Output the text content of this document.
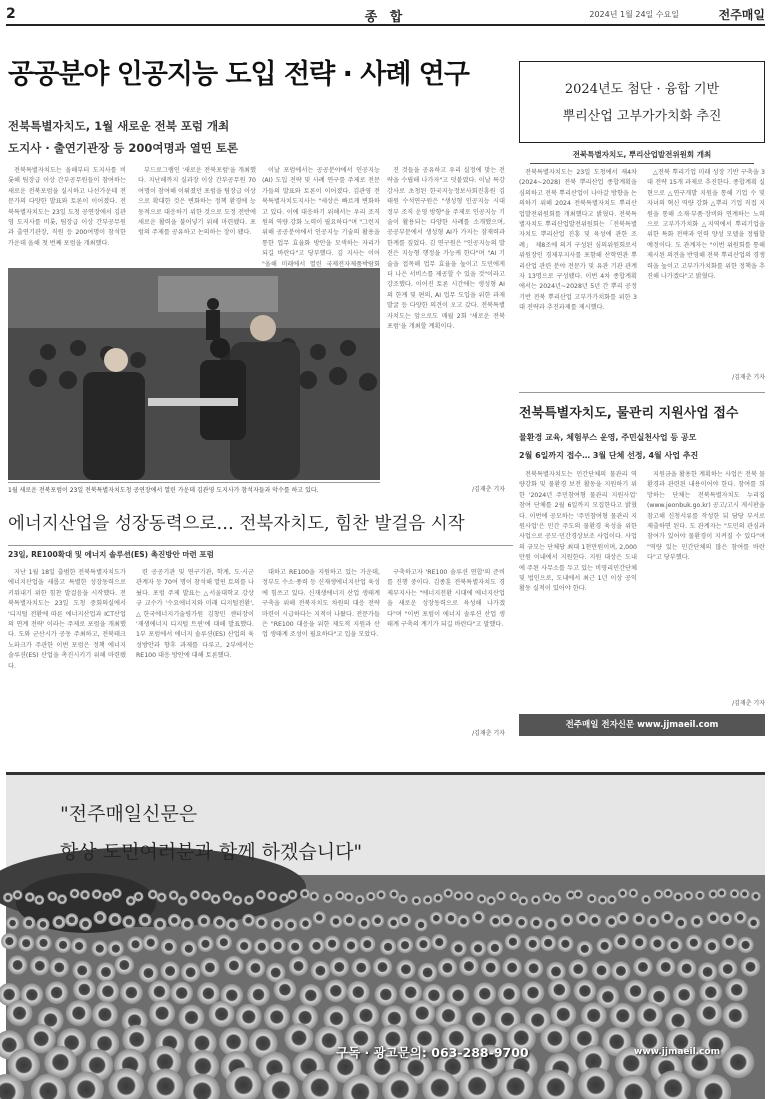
2	종 합	2024년 1월 24일 수요일	전주매일
공공분야 인공지능 도입 전략 · 사례 연구
전북특별자치도, 1월 새로운 전북 포럼 개최
도지사 · 출연기관장 등 200여명과 열띤 토론

전북특별자치도는 올해부터 도지사를 비롯해 팀장급 이상 간부공무원들이 참여하는 새로운 전북포럼을 실시하고 나선가운데 전문가의 다양한 발표와 토론이 이어졌다. 전북특별자치도는 23일 도청 공연장에서 김관영 도지사를 비롯, 팀장급 이상 간부공무원과 출연기관장, 직원 등 200여명이 참석한 가운데 올해 첫 번째 포럼을 개최했다.

부드로그램인 '새로운 전북포럼'을 개최했다. 지난해까지 실과장 이상 간부공무원 70여명이 참여해 이뤄졌던 포럼을 팀장급 이상으로 확대한 것은 변화하는 정책 환경에 능동적으로 대응하기 위한 것으로 도정 전반에 새로운 활력을 불어넣기 위해 마련됐다. 포럼의 주제를 공유하고 논의하는 장이 됐다.

이날 포럼에서는 공공분야에서 인공지능(AI) 도입 전략 및 사례 연구를 주제로 전문가들의 발표와 토론이 이어졌다. 김관영 전북특별자치도지사는 "세상은 빠르게 변화하고 있다. 이에 대응하기 위해서는 우리 조직원의 역량 강화 노력이 필요하다"며 "그런지 위해 공공분야에서 인공지능 기술의 활용을 통한 업무 효율화 방안을 모색하는 자리가 되길 바란다"고 당부했다. 김 지사는 이어 "올해 미래에서 열린 국제전자제품박람회

진 것들을 공유하고 우리 실정에 맞는 전략을 수립해 나가자"고 덧붙였다. 이날 특강 강사로 초청된 한국지능정보사회진흥원 김태원 수석연구원은 "생성형 인공지능 시대 정부 조직 운영 방향"을 주제로 인공지능 기술이 활용되는 다양한 사례를 소개했으며, 공공부문에서 생성형 AI가 가지는 잠재력과 한계를 짚었다. 김 연구원은 "인공지능의 발전은 지능형 행정을 가능케 한다"며 "AI 기술을 접목해 업무 효율을 높이고 도민에게 더 나은 서비스를 제공할 수 있을 것"이라고 강조했다. 이어진 토론 시간에는 생성형 AI의 한계 및 편의, AI 업무 도입을 위한 과제 발굴 등 다양한 의견이 오고 갔다. 전북특별자치도는 앞으로도 매월 2회 '새로운 전북 포럼'을 개최할 계획이다.

/김재춘 기자
1월 새로운 전북포럼이 23일 전북특별자치도청 공연장에서 열린 가운데 김관영 도지사가 참석자들과 악수를 하고 있다.
2024년도 첨단 · 융합 기반
뿌리산업 고부가가치화 추진
전북특별자치도, 뿌리산업발전위원회 개최

전북특별자치도는 23일 도청에서 제4차(2024~2028) 전북 뿌리산업 종합계획을 심의하고 전북 뿌리산업이 나아갈 방향을 논의하기 위해 2024 전북특별자치도 뿌리산업발전위원회를 개최했다고 밝혔다. 전북특별자치도 뿌리산업발전위원회는 「전북특별자치도 뿌리산업 진흥 및 육성에 관한 조례」 제8조에 의거 구성된 심의위원회로서 위원장인 경제부지사를 포함해 산학연관 뿌리산업 관련 분야 전문가 및 유관 기관 관계자 13명으로 구성됐다. 이번 4차 종합계획에서는 2024년~2028년 5년 간 뿌리 공정 기반 전북 뿌리산업 고부가가치화를 위한 3대 전략과 추진과제를 제시했다.

△전북 뿌리기업 미래 성장 기반 구축을 3대 전략 15개 과제로 추진한다. 종합계획 실현으로 △연구개발 지원을 통해 기업 수 및 자녀의 혁신 역량 강화 △뿌리 기업 직접 지원을 통해 소재·부품·장비와 연계하는 노력으로 고부가가치화 △지역에서 뿌리기업을 위한 특화 전략과 인력 양성 모델을 정립할 예정이다. 도 관계자는 "이번 위원회를 통해 제시된 의견을 반영해 전북 뿌리산업의 경쟁력을 높이고 고부가가치화를 위한 정책을 추진해 나가겠다"고 밝혔다.

/김재춘 기자
전북특별자치도, 물관리 지원사업 접수
물환경 교육, 체험부스 운영, 주민실천사업 등 공모
2월 6일까지 접수… 3월 단체 선정, 4월 사업 추진

전북특별자치도는 민간단체의 물관리 역량강화 및 물환경 보전 활동을 지원하기 위한 '2024년 주민참여형 물관리 지원사업' 참여 단체를 2월 6일까지 모집한다고 밝혔다. 이번에 공모하는 '주민참여형 물관리 지원사업'은 민간 주도의 물환경 육성을 위한 사업으로 공모·민간경상보조 사업이다. 사업의 규모는 단체당 최대 1천만원이며, 2,000만원 이내에서 지원한다. 지원 대상은 도내에 주된 사무소를 두고 있는 비영리민간단체 및 법인으로, 도내에서 최근 1년 이상 공익활동 실적이 있어야 한다.

지원금을 활용한 계획하는 사업은 전북 물환경과 관련된 내용이어야 한다. 참여를 희망하는 단체는 전북특별자치도 누리집(www.jeonbuk.go.kr) 공고/고시 게시판을 참고해 신청서류를 작성한 뒤 담당 부서로 제출하면 된다. 도 관계자는 "도민의 관심과 참여가 있어야 물환경이 지켜질 수 있다"며 "역량 있는 민간단체의 많은 참여를 바란다"고 당부했다.

/김재춘 기자
전주매일 전자신문 www.jjmaeil.com
에너지산업을 성장동력으로… 전북자치도, 힘찬 발걸음 시작
23일, RE100확대 및 에너지 솔루션(ES) 촉진방안 마련 포럼

지난 1월 18일 출범한 전북특별자치도가 에너지산업을 새롭고 특별한 성장동력으로 키워내기 위한 힘찬 발걸음을 시작했다. 전북특별자치도는 23일 도청 중회의실에서 '디지털 전환에 따른 에너지산업과 ICT산업의 연계 전략' 이라는 주제로 포럼을 개최했다. 도와 군산시가 공동 주최하고, 전북테크노파크가 주관한 이번 포럼은 정책 에너지 솔루션(ES) 산업을 촉진시키기 위해 마련됐다.

련 공공기관 및 연구기관, 학계, 도·시군 관계자 등 70여 명이 참석해 열띤 토의를 나눴다. 포럼 주제 발표는 △서울대학교 강상규 교수가 '수요에너지와 미래 디지털전환', △한국에너지기술평가원 김창민 센터장이 '재생에너지 디지털 트윈'에 대해 발표했다. 1부 포럼에서 에너지 솔루션(ES) 산업의 육성방안과 향후 과제를 다루고, 2부에서는 RE100 대응 방안에 대해 토론했다.

대하고 RE100을 지원하고 있는 가운데, 정부도 수소·풍력 등 신재생에너지산업 육성에 힘쓰고 있다. 신재생에너지 산업 생태계 구축을 위해 전북자치도 차원의 대응 전략 마련이 시급하다는 지적이 나왔다. 전문가들은 "RE100 대응을 위한 제도적 지원과 산업 생태계 조성이 필요하다"고 입을 모았다.

구축하고자 'RE100 솔루션 연합'의 준비를 진행 중이다. 김종훈 전북특별자치도 경제부지사는 "에너지전환 시대에 에너지산업을 새로운 성장동력으로 육성해 나가겠다"며 "이번 포럼이 에너지 솔루션 산업 생태계 구축의 계기가 되길 바란다"고 말했다.

/김재춘 기자
"전주매일신문은
항상 도민여러분과 함께 하겠습니다"
구독 · 광고문의: 063-288-9700	www.jjmaeil.com
